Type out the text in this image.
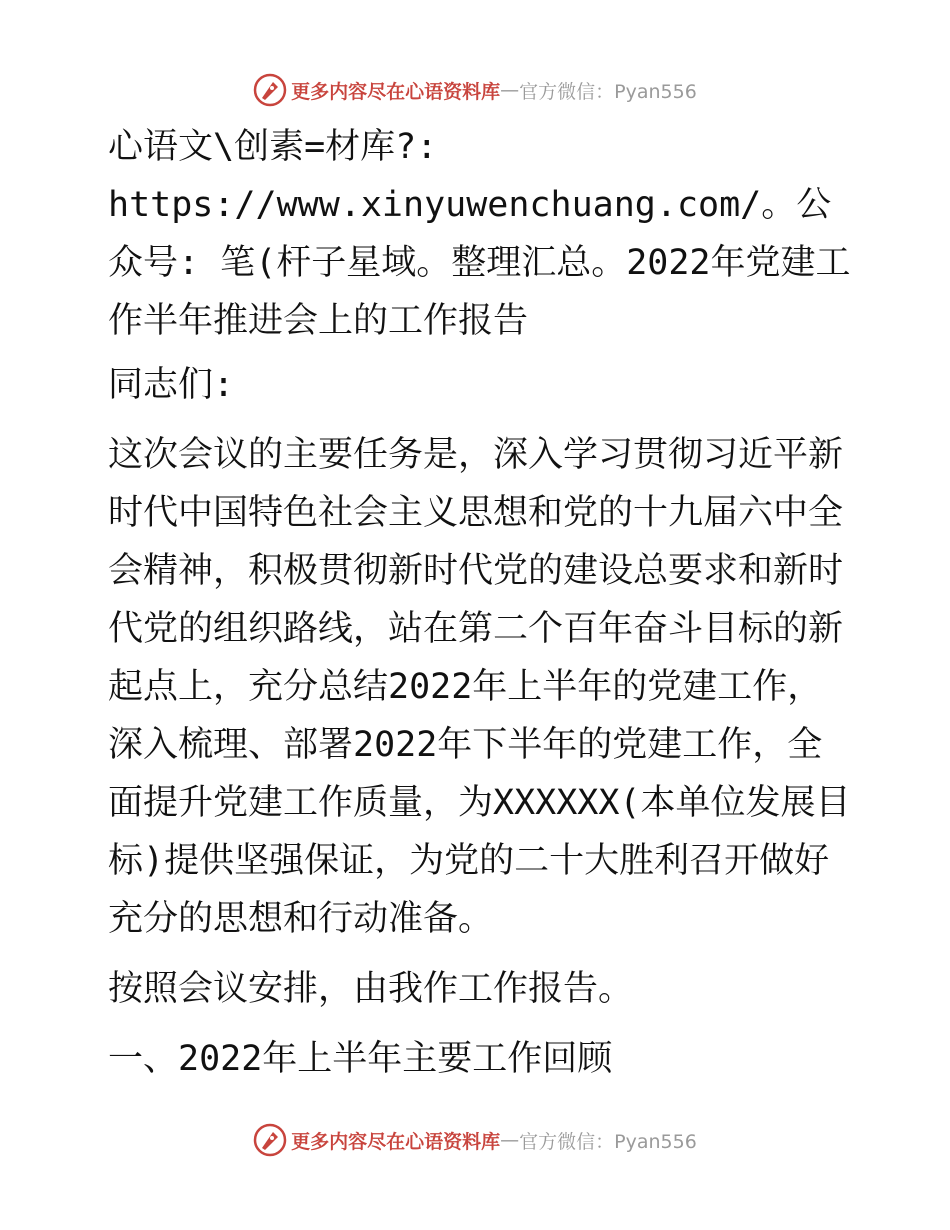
更多内容尽在心语资料库 — 官方微信：Pyan556

心语文\创素=材库?: https://www.xinyuwenchuang.com/。公众号: 笔(杆子星域。整理汇总。2022年党建工作半年推进会上的工作报告

同志们:

这次会议的主要任务是，深入学习贯彻习近平新时代中国特色社会主义思想和党的十九届六中全会精神，积极贯彻新时代党的建设总要求和新时代党的组织路线，站在第二个百年奋斗目标的新起点上，充分总结2022年上半年的党建工作，深入梳理、部署2022年下半年的党建工作，全面提升党建工作质量，为XXXXXX(本单位发展目标)提供坚强保证，为党的二十大胜利召开做好充分的思想和行动准备。

按照会议安排，由我作工作报告。

一、2022年上半年主要工作回顾

更多内容尽在心语资料库 — 官方微信：Pyan556
